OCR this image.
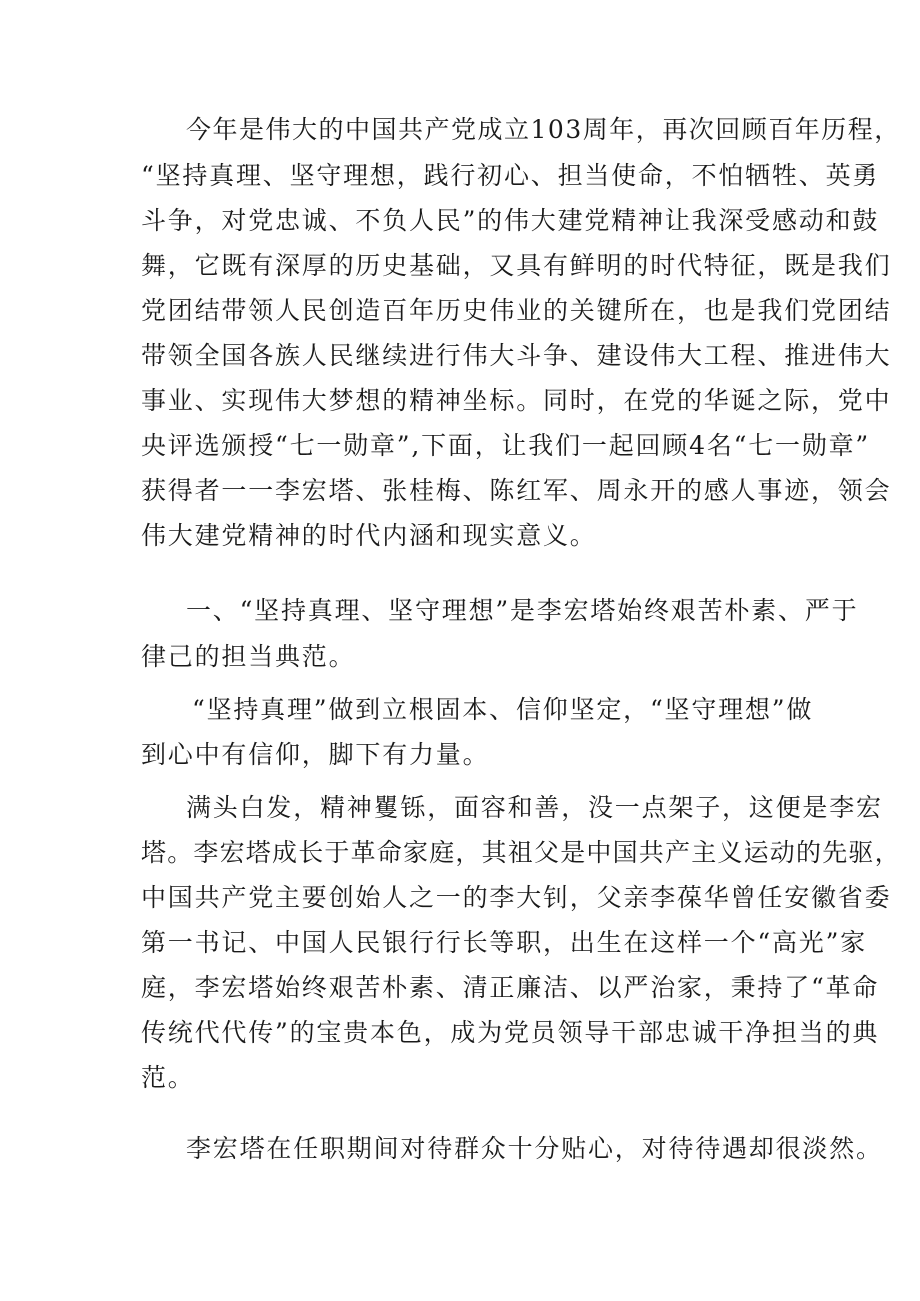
今年是伟大的中国共产党成立103周年，再次回顾百年历程，
“坚持真理、坚守理想，践行初心、担当使命，不怕牺牲、英勇
斗争，对党忠诚、不负人民”的伟大建党精神让我深受感动和鼓
舞，它既有深厚的历史基础，又具有鲜明的时代特征，既是我们
党团结带领人民创造百年历史伟业的关键所在，也是我们党团结
带领全国各族人民继续进行伟大斗争、建设伟大工程、推进伟大
事业、实现伟大梦想的精神坐标。同时，在党的华诞之际，党中
央评选颁授“七一勋章”,下面，让我们一起回顾4名“七一勋章”
获得者一一李宏塔、张桂梅、陈红军、周永开的感人事迹，领会
伟大建党精神的时代内涵和现实意义。
一、“坚持真理、坚守理想”是李宏塔始终艰苦朴素、严于
律己的担当典范。
“坚持真理”做到立根固本、信仰坚定，“坚守理想”做
到心中有信仰，脚下有力量。
满头白发，精神矍铄，面容和善，没一点架子，这便是李宏
塔。李宏塔成长于革命家庭，其祖父是中国共产主义运动的先驱，
中国共产党主要创始人之一的李大钊，父亲李葆华曾任安徽省委
第一书记、中国人民银行行长等职，出生在这样一个“高光”家
庭，李宏塔始终艰苦朴素、清正廉洁、以严治家，秉持了“革命
传统代代传”的宝贵本色，成为党员领导干部忠诚干净担当的典
范。
李宏塔在任职期间对待群众十分贴心，对待待遇却很淡然。
